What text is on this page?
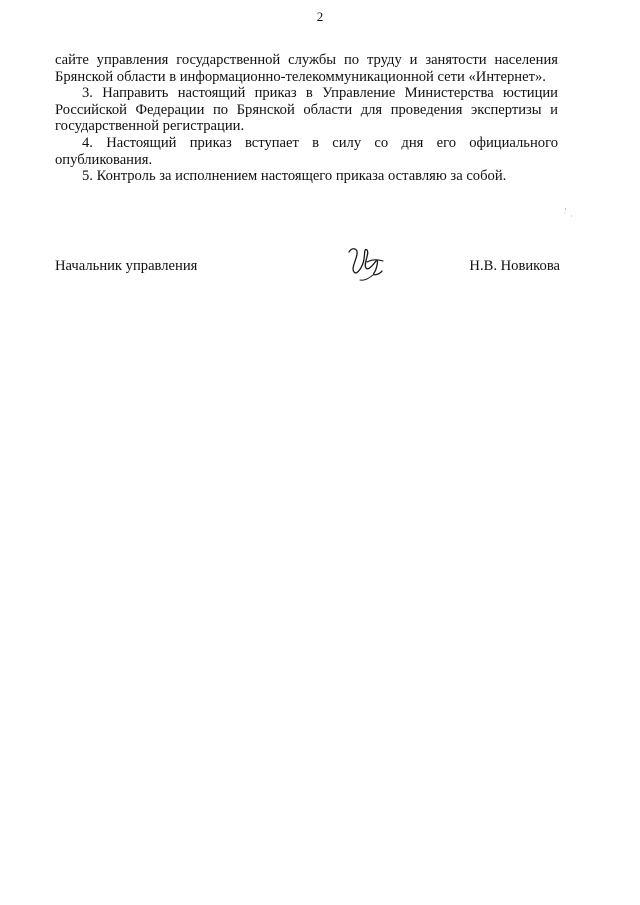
2

сайте управления государственной службы по труду и занятости населения Брянской области в информационно-телекоммуникационной сети «Интернет».

3. Направить настоящий приказ в Управление Министерства юстиции Российской Федерации по Брянской области для проведения экспертизы и государственной регистрации.

4. Настоящий приказ вступает в силу со дня его официального опубликования.

5. Контроль за исполнением настоящего приказа оставляю за собой.

Начальник управления	Н.В. Новикова
